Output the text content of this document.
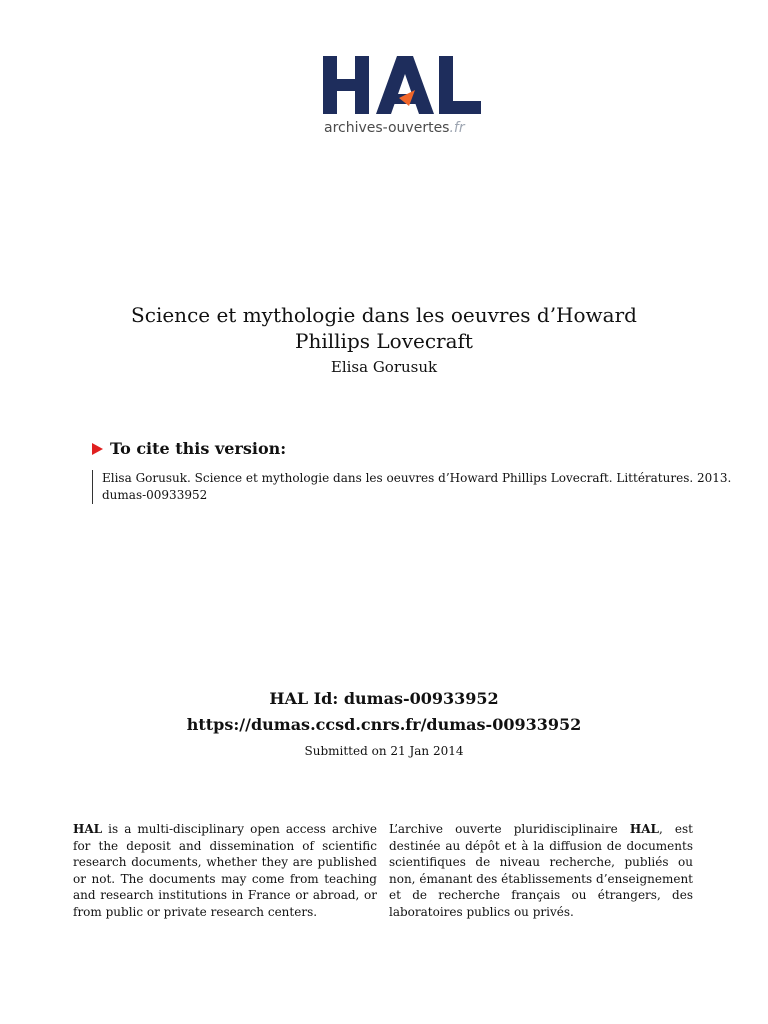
archives-ouvertes.fr
Science et mythologie dans les oeuvres d’Howard Phillips Lovecraft
Elisa Gorusuk
To cite this version:
Elisa Gorusuk. Science et mythologie dans les oeuvres d’Howard Phillips Lovecraft. Littératures. 2013. dumas-00933952
HAL Id: dumas-00933952
https://dumas.ccsd.cnrs.fr/dumas-00933952
Submitted on 21 Jan 2014
HAL is a multi-disciplinary open access archive for the deposit and dissemination of scientific research documents, whether they are published or not. The documents may come from teaching and research institutions in France or abroad, or from public or private research centers.
L’archive ouverte pluridisciplinaire HAL, est destinée au dépôt et à la diffusion de documents scientifiques de niveau recherche, publiés ou non, émanant des établissements d’enseignement et de recherche français ou étrangers, des laboratoires publics ou privés.
